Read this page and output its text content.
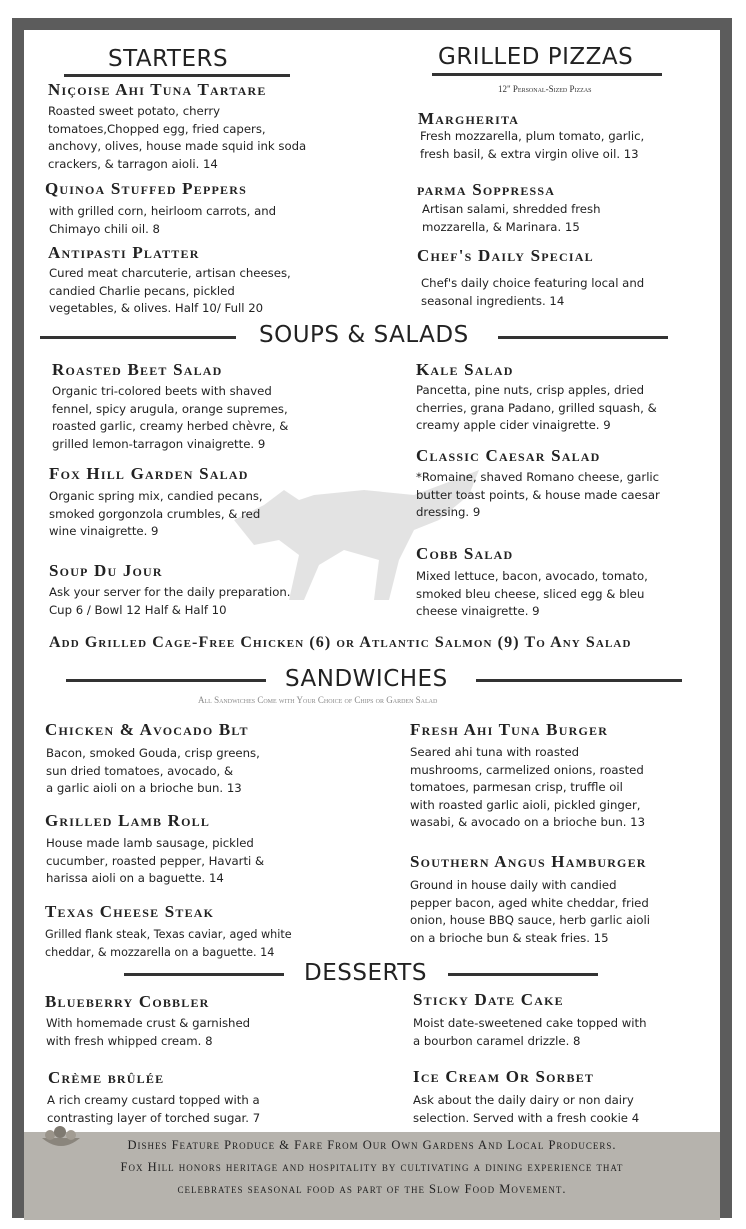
STARTERS
Niçoise Ahi Tuna Tartare
Roasted sweet potato, cherry
tomatoes,Chopped egg, fried capers,
anchovy, olives, house made squid ink soda
crackers, & tarragon aioli. 14
Quinoa Stuffed Peppers
with grilled corn, heirloom carrots, and
Chimayo chili oil. 8
Antipasti Platter
Cured meat charcuterie, artisan cheeses,
candied Charlie pecans, pickled
vegetables, & olives. Half 10/ Full 20
GRILLED PIZZAS
12" Personal-Sized Pizzas
Margherita
Fresh mozzarella, plum tomato, garlic,
fresh basil, & extra virgin olive oil. 13
parma Soppressa
Artisan salami, shredded fresh
mozzarella, & Marinara. 15
Chef's Daily Special
Chef's daily choice featuring local and
seasonal ingredients. 14
SOUPS & SALADS
Roasted Beet Salad
Organic tri-colored beets with shaved
fennel, spicy arugula, orange supremes,
roasted garlic, creamy herbed chèvre, &
grilled lemon-tarragon vinaigrette. 9
Fox Hill Garden Salad
Organic spring mix, candied pecans,
smoked gorgonzola crumbles, & red
wine vinaigrette. 9
Soup Du Jour
Ask your server for the daily preparation.
Cup 6 / Bowl 12 Half & Half 10
Kale Salad
Pancetta, pine nuts, crisp apples, dried
cherries, grana Padano, grilled squash, &
creamy apple cider vinaigrette. 9
Classic Caesar Salad
*Romaine, shaved Romano cheese, garlic
butter toast points, & house made caesar
dressing. 9
Cobb Salad
Mixed lettuce, bacon, avocado, tomato,
smoked bleu cheese, sliced egg & bleu
cheese vinaigrette. 9
Add Grilled Cage-Free Chicken (6) or Atlantic Salmon (9) To Any Salad
SANDWICHES
All Sandwiches Come with Your Choice of Chips or Garden Salad
Chicken & Avocado Blt
Bacon, smoked Gouda, crisp greens,
sun dried tomatoes, avocado, &
a garlic aioli on a brioche bun. 13
Grilled Lamb Roll
House made lamb sausage, pickled
cucumber, roasted pepper, Havarti &
harissa aioli on a baguette. 14
Texas Cheese Steak
Grilled flank steak, Texas caviar, aged white
cheddar, & mozzarella on a baguette. 14
Fresh Ahi Tuna Burger
Seared ahi tuna with roasted
mushrooms, carmelized onions, roasted
tomatoes, parmesan crisp, truffle oil
with roasted garlic aioli, pickled ginger,
wasabi, & avocado on a brioche bun. 13
Southern Angus Hamburger
Ground in house daily with candied
pepper bacon, aged white cheddar, fried
onion, house BBQ sauce, herb garlic aioli
on a brioche bun & steak fries. 15
DESSERTS
Blueberry Cobbler
With homemade crust & garnished
with fresh whipped cream. 8
Crème brûlée
A rich creamy custard topped with a
contrasting layer of torched sugar. 7
Sticky Date Cake
Moist date-sweetened cake topped with
a bourbon caramel drizzle. 8
Ice Cream Or Sorbet
Ask about the daily dairy or non dairy
selection. Served with a fresh cookie 4
Dishes Feature Produce & Fare From Our Own Gardens And Local Producers.
Fox Hill honors heritage and hospitality by cultivating a dining experience that
celebrates seasonal food as part of the Slow Food Movement.
